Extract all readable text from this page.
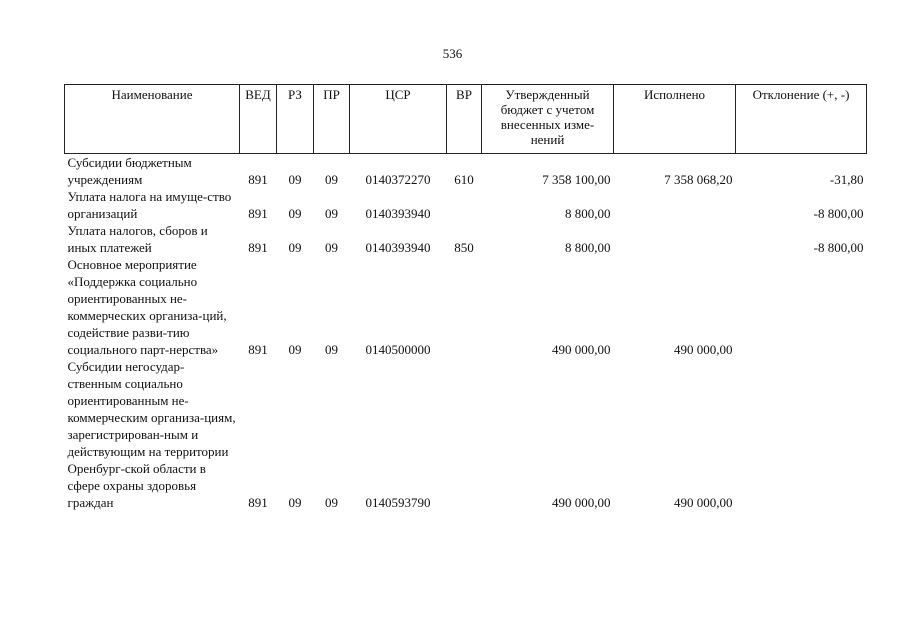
536
Наименование	ВЕД	РЗ	ПР	ЦСР	ВР	Утвержденный бюджет с учетом внесенных изме-нений	Исполнено	Отклонение (+, -)
Субсидии бюджетным учреждениям	891	09	09	0140372270	610	7 358 100,00	7 358 068,20	-31,80
Уплата налога на имуще-ство организаций	891	09	09	0140393940		8 800,00		-8 800,00
Уплата налогов, сборов и иных платежей	891	09	09	0140393940	850	8 800,00		-8 800,00
Основное мероприятие «Поддержка социально ориентированных не-коммерческих организа-ций, содействие разви-тию социального парт-нерства»	891	09	09	0140500000		490 000,00	490 000,00	
Субсидии негосудар-ственным социально ориентированным не-коммерческим организа-циям, зарегистрирован-ным и действующим на территории Оренбург-ской области в сфере охраны здоровья граждан	891	09	09	0140593790		490 000,00	490 000,00	
